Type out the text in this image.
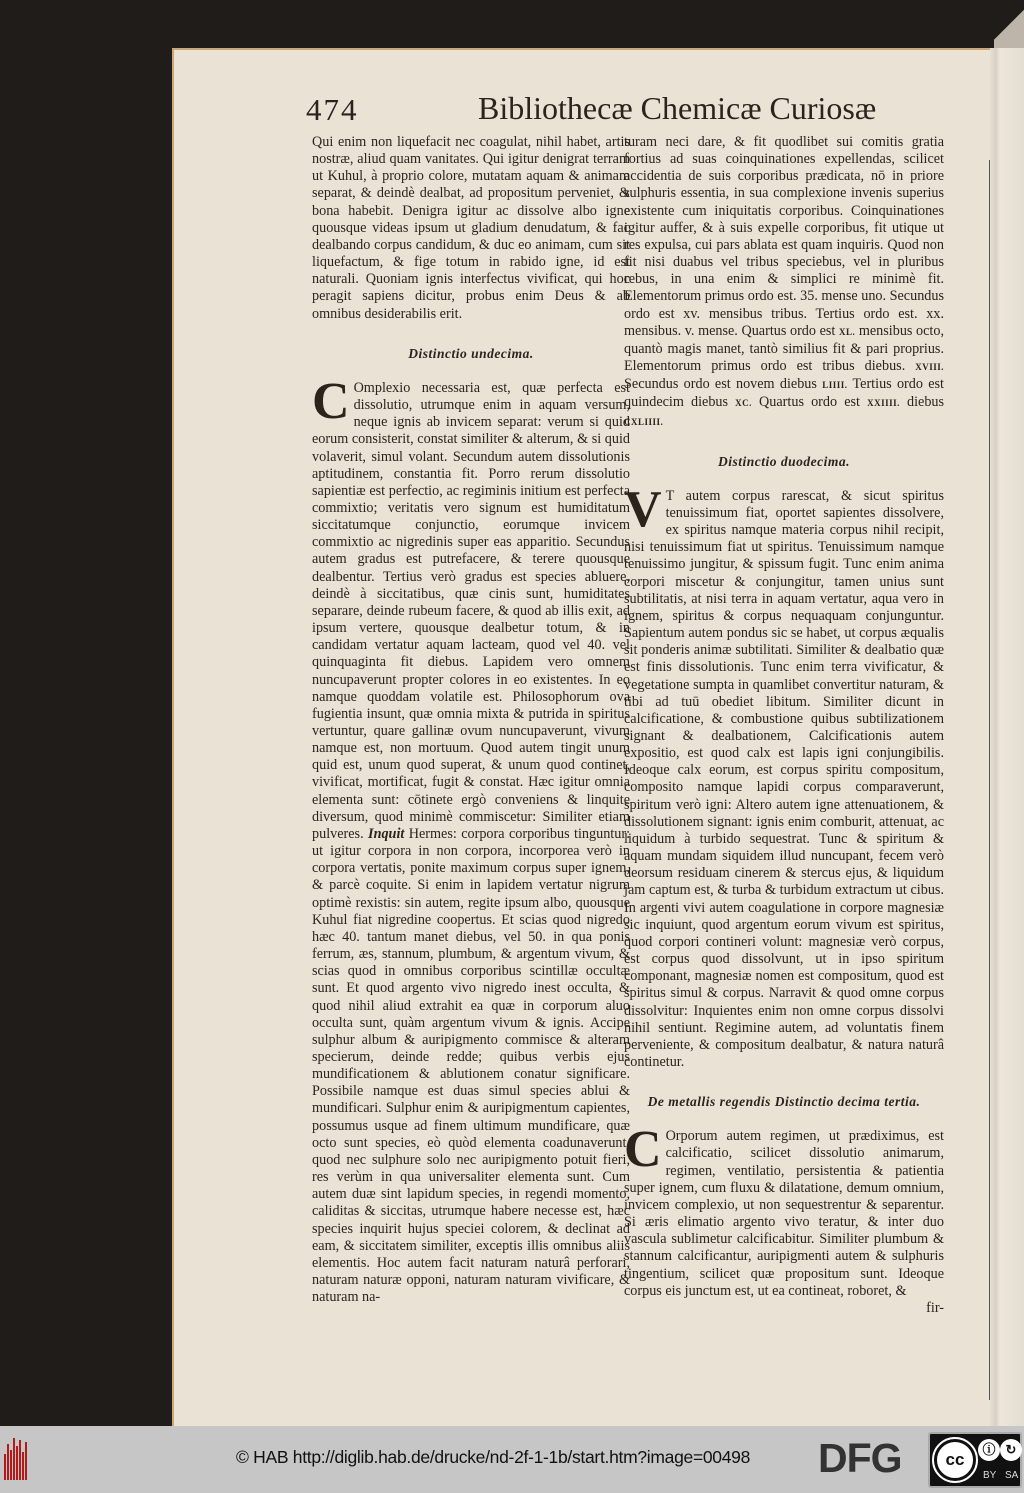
474	Bibliothecæ Chemicæ Curiosæ

Qui enim non liquefacit nec coagulat, nihil habet, artis nostræ, aliud quam vanitates. Qui igitur denigrat terram ut Kuhul, à proprio colore, mutatam aquam & animam separat, & deindè dealbat, ad propositum perveniet, & bona habebit. Denigra igitur ac dissolve albo igne quousque videas ipsum ut gladium denudatum, & fac dealbando corpus candidum, & duc eo animam, cum sit liquefactum, & fige totum in rabido igne, id est naturali. Quoniam ignis interfectus vivificat, qui hoc peragit sapiens dicitur, probus enim Deus & ab omnibus desiderabilis erit.

Distinctio undecima.

C Omplexio necessaria est, quæ perfecta est dissolutio, utrumque enim in aquam versum, neque ignis ab invicem separat: verum si quid eorum consisterit, constat similiter & alterum, & si quid volaverit, simul volant. Secundum autem dissolutionis aptitudinem, constantia fit. Porro rerum dissolutio sapientiæ est perfectio, ac regiminis initium est perfecta commixtio; veritatis vero signum est humiditatum siccitatumque conjunctio, eorumque invicem commixtio ac nigredinis super eas apparitio. Secundus autem gradus est putrefacere, & terere quousque dealbentur. Tertius verò gradus est species abluere, deindè à siccitatibus, quæ cinis sunt, humiditates separare, deinde rubeum facere, & quod ab illis exit, ad ipsum vertere, quousque dealbetur totum, & in candidam vertatur aquam lacteam, quod vel 40. vel quinquaginta fit diebus. Lapidem vero omnem nuncupaverunt propter colores in eo existentes. In eo namque quoddam volatile est. Philosophorum ova fugientia insunt, quæ omnia mixta & putrida in spiritus vertuntur, quare gallinæ ovum nuncupaverunt, vivum namque est, non mortuum. Quod autem tingit unum quid est, unum quod superat, & unum quod continet, vivificat, mortificat, fugit & constat. Hæc igitur omnia elementa sunt: cōtinete ergò conveniens & linquite diversum, quod minimè commiscetur: Similiter etiam pulveres. Inquit Hermes: corpora corporibus tinguntur: ut igitur corpora in non corpora, incorporea verò in corpora vertatis, ponite maximum corpus super ignem, & parcè coquite. Si enim in lapidem vertatur nigrum optimè rexistis: sin autem, regite ipsum albo, quousque Kuhul fiat nigredine coopertus. Et scias quod nigredo hæc 40. tantum manet diebus, vel 50. in qua ponis ferrum, æs, stannum, plumbum, & argentum vivum, & scias quod in omnibus corporibus scintillæ occultæ sunt. Et quod argento vivo nigredo inest occulta, & quod nihil aliud extrahit ea quæ in corporum aluo occulta sunt, quàm argentum vivum & ignis. Accipe sulphur album & auripigmento commisce & alteram specierum, deinde redde; quibus verbis ejus mundificationem & ablutionem conatur significare. Possibile namque est duas simul species ablui & mundificari. Sulphur enim & auripigmentum capientes, possumus usque ad finem ultimum mundificare, quæ octo sunt species, eò quòd elementa coadunaverunt, quod nec sulphure solo nec auripigmento potuit fieri, res verùm in qua universaliter elementa sunt. Cum autem duæ sint lapidum species, in regendi momento, caliditas & siccitas, utrumque habere necesse est, hæc species inquirit hujus speciei colorem, & declinat ad eam, & siccitatem similiter, exceptis illis omnibus aliis elementis. Hoc autem facit naturam naturâ perforari, naturam naturæ opponi, naturam naturam vivificare, & naturam na-

turam neci dare, & fit quodlibet sui comitis gratia fortius ad suas coinquinationes expellendas, scilicet accidentia de suis corporibus prædicata, nō in priore sulphuris essentia, in sua complexione invenis superius existente cum iniquitatis corporibus. Coinquinationes igitur auffer, & à suis expelle corporibus, fit utique ut res expulsa, cui pars ablata est quam inquiris. Quod non fit nisi duabus vel tribus speciebus, vel in pluribus rebus, in una enim & simplici re minimè fit. Elementorum primus ordo est. 35. mense uno. Secundus ordo est xv. mensibus tribus. Tertius ordo est. xx. mensibus. v. mense. Quartus ordo est XL. mensibus octo, quantò magis manet, tantò similius fit & pari proprius. Elementorum primus ordo est tribus diebus. XVIII. Secundus ordo est novem diebus LIIII. Tertius ordo est quindecim diebus XC. Quartus ordo est XXIIII. diebus CXLIIII.

Distinctio duodecima.

V T autem corpus rarescat, & sicut spiritus tenuissimum fiat, oportet sapientes dissolvere, ex spiritus namque materia corpus nihil recipit, nisi tenuissimum fiat ut spiritus. Tenuissimum namque tenuissimo jungitur, & spissum fugit. Tunc enim anima corpori miscetur & conjungitur, tamen unius sunt subtilitatis, at nisi terra in aquam vertatur, aqua vero in ignem, spiritus & corpus nequaquam conjunguntur. Sapientum autem pondus sic se habet, ut corpus æqualis sit ponderis animæ subtilitati. Similiter & dealbatio quæ est finis dissolutionis. Tunc enim terra vivificatur, & vegetatione sumpta in quamlibet convertitur naturam, & tibi ad tuū obediet libitum. Similiter dicunt in calcificatione, & combustione quibus subtilizationem signant & dealbationem, Calcificationis autem expositio, est quod calx est lapis igni conjungibilis. Ideoque calx eorum, est corpus spiritu compositum, composito namque lapidi corpus comparaverunt, spiritum verò igni: Altero autem igne attenuationem, & dissolutionem signant: ignis enim comburit, attenuat, ac liquidum à turbido sequestrat. Tunc & spiritum & aquam mundam siquidem illud nuncupant, fecem verò deorsum residuam cinerem & stercus ejus, & liquidum jam captum est, & turba & turbidum extractum ut cibus. In argenti vivi autem coagulatione in corpore magnesiæ sic inquiunt, quod argentum eorum vivum est spiritus, quod corpori contineri volunt: magnesiæ verò corpus, est corpus quod dissolvunt, ut in ipso spiritum componant, magnesiæ nomen est compositum, quod est spiritus simul & corpus. Narravit & quod omne corpus dissolvitur: Inquientes enim non omne corpus dissolvi nihil sentiunt. Regimine autem, ad voluntatis finem perveniente, & compositum dealbatur, & natura naturâ continetur.

De metallis regendis Distinctio decima tertia.

C Orporum autem regimen, ut prædiximus, est calcificatio, scilicet dissolutio animarum, regimen, ventilatio, persistentia & patientia super ignem, cum fluxu & dilatatione, demum omnium, invicem complexio, ut non sequestrentur & separentur. Si æris elimatio argento vivo teratur, & inter duo vascula sublimetur calcificabitur. Similiter plumbum & stannum calcificantur, auripigmenti autem & sulphuris tingentium, scilicet quæ propositum sunt. Ideoque corpus eis junctum est, ut ea contineat, roboret, &

fir-

© HAB http://diglib.hab.de/drucke/nd-2f-1-1b/start.htm?image=00498 DFG	cc
ⓘ ↻
BY SA
